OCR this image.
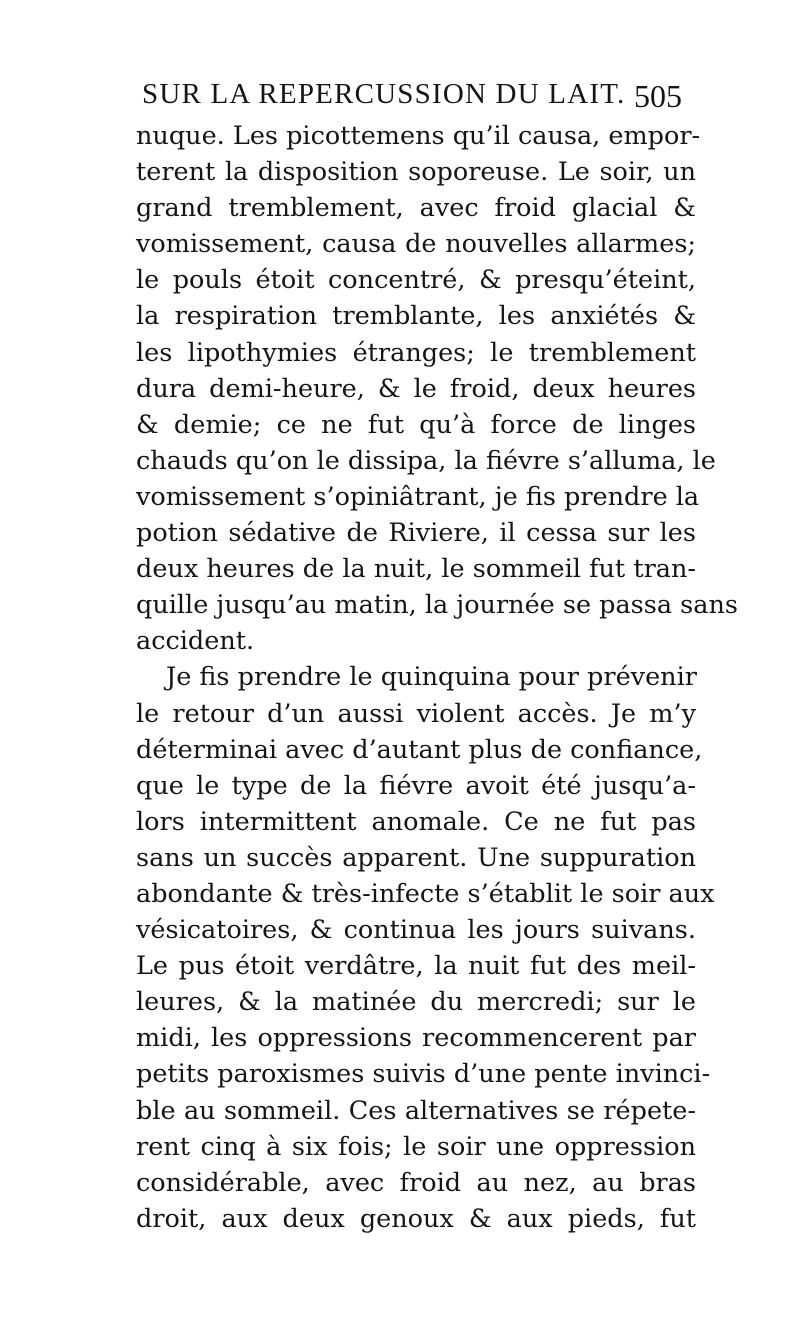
SUR LA REPERCUSSION DU LAIT. 505
nuque. Les picottemens qu’il causa, empor-
terent la disposition soporeuse. Le soir, un
grand tremblement, avec froid glacial &
vomissement, causa de nouvelles allarmes;
le pouls étoit concentré, & presqu’éteint,
la respiration tremblante, les anxiétés &
les lipothymies étranges; le tremblement
dura demi-heure, & le froid, deux heures
& demie; ce ne fut qu’à force de linges
chauds qu’on le dissipa, la fiévre s’alluma, le
vomissement s’opiniâtrant, je fis prendre la
potion sédative de Riviere, il cessa sur les
deux heures de la nuit, le sommeil fut tran-
quille jusqu’au matin, la journée se passa sans
accident.
Je fis prendre le quinquina pour prévenir
le retour d’un aussi violent accès. Je m’y
déterminai avec d’autant plus de confiance,
que le type de la fiévre avoit été jusqu’a-
lors intermittent anomale. Ce ne fut pas
sans un succès apparent. Une suppuration
abondante & très-infecte s’établit le soir aux
vésicatoires, & continua les jours suivans.
Le pus étoit verdâtre, la nuit fut des meil-
leures, & la matinée du mercredi; sur le
midi, les oppressions recommencerent par
petits paroxismes suivis d’une pente invinci-
ble au sommeil. Ces alternatives se répete-
rent cinq à six fois; le soir une oppression
considérable, avec froid au nez, au bras
droit, aux deux genoux & aux pieds, fut
